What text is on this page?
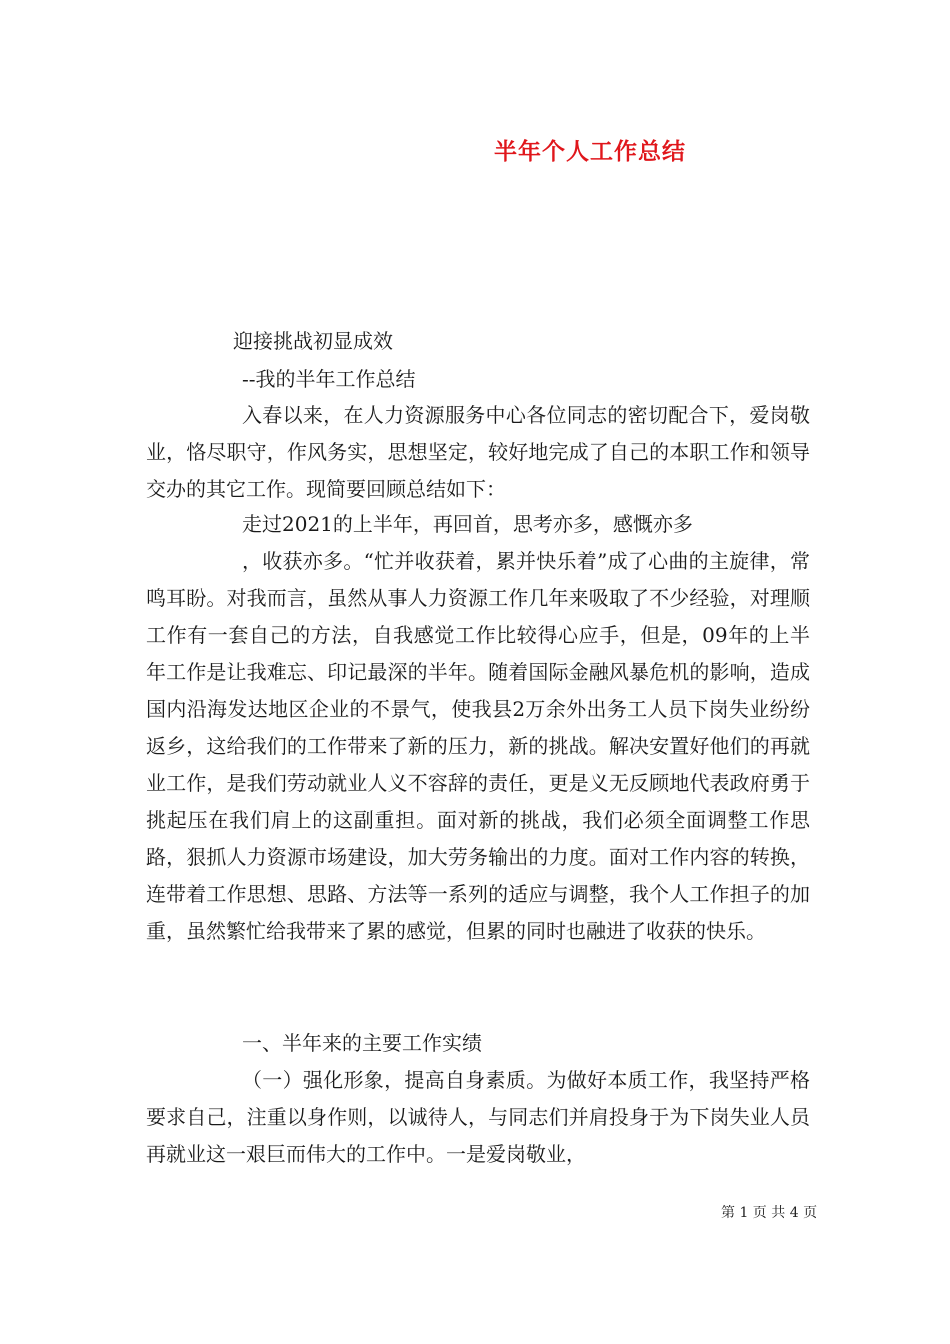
半年个人工作总结
迎接挑战初显成效
--我的半年工作总结
入春以来，在人力资源服务中心各位同志的密切配合下，爱岗敬业，恪尽职守，作风务实，思想坚定，较好地完成了自己的本职工作和领导交办的其它工作。现简要回顾总结如下：
走过2021的上半年，再回首，思考亦多，感慨亦多
，收获亦多。“忙并收获着，累并快乐着”成了心曲的主旋律，常鸣耳盼。对我而言，虽然从事人力资源工作几年来吸取了不少经验，对理顺工作有一套自己的方法，自我感觉工作比较得心应手，但是，09年的上半年工作是让我难忘、印记最深的半年。随着国际金融风暴危机的影响，造成国内沿海发达地区企业的不景气，使我县2万余外出务工人员下岗失业纷纷返乡，这给我们的工作带来了新的压力，新的挑战。解决安置好他们的再就业工作，是我们劳动就业人义不容辞的责任，更是义无反顾地代表政府勇于挑起压在我们肩上的这副重担。面对新的挑战，我们必须全面调整工作思路，狠抓人力资源市场建设，加大劳务输出的力度。面对工作内容的转换，连带着工作思想、思路、方法等一系列的适应与调整，我个人工作担子的加重，虽然繁忙给我带来了累的感觉，但累的同时也融进了收获的快乐。
一、半年来的主要工作实绩
（一）强化形象，提高自身素质。为做好本质工作，我坚持严格要求自己，注重以身作则，以诚待人，与同志们并肩投身于为下岗失业人员再就业这一艰巨而伟大的工作中。一是爱岗敬业，
第 1 页 共 4 页
